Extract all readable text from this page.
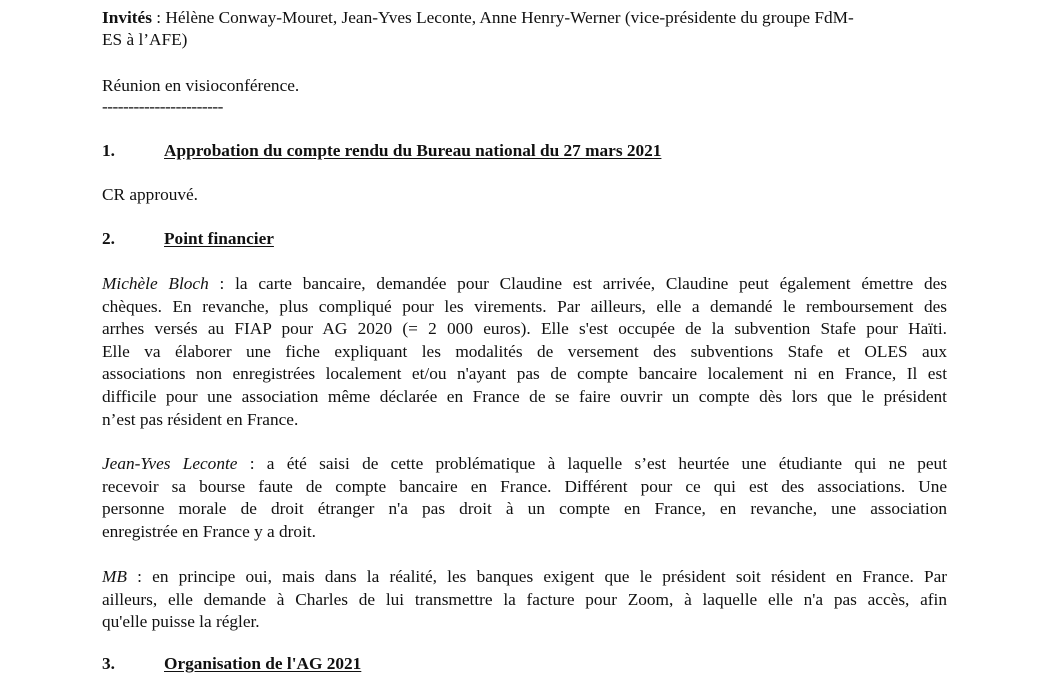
Invités : Hélène Conway-Mouret, Jean-Yves Leconte, Anne Henry-Werner (vice-présidente du groupe FdM-
ES à l’AFE)
Réunion en visioconférence.
-----------------------
1.	Approbation du compte rendu du Bureau national du 27 mars 2021
CR approuvé.
2.	Point financier
Michèle Bloch : la carte bancaire, demandée pour Claudine est arrivée, Claudine peut également émettre des
chèques. En revanche, plus compliqué pour les virements. Par ailleurs, elle a demandé le remboursement des
arrhes versés au FIAP pour AG 2020 (= 2 000 euros). Elle s'est occupée de la subvention Stafe pour Haïti.
Elle va élaborer une fiche expliquant les modalités de versement des subventions Stafe et OLES aux
associations non enregistrées localement et/ou n'ayant pas de compte bancaire localement ni en France, Il est
difficile pour une association même déclarée en France de se faire ouvrir un compte dès lors que le président
n’est pas résident en France.
Jean-Yves Leconte : a été saisi de cette problématique à laquelle s’est heurtée une étudiante qui ne peut
recevoir sa bourse faute de compte bancaire en France. Différent pour ce qui est des associations. Une
personne morale de droit étranger n'a pas droit à un compte en France, en revanche, une association
enregistrée en France y a droit.
MB : en principe oui, mais dans la réalité, les banques exigent que le président soit résident en France. Par
ailleurs, elle demande à Charles de lui transmettre la facture pour Zoom, à laquelle elle n'a pas accès, afin
qu'elle puisse la régler.
3.	Organisation de l'AG 2021
